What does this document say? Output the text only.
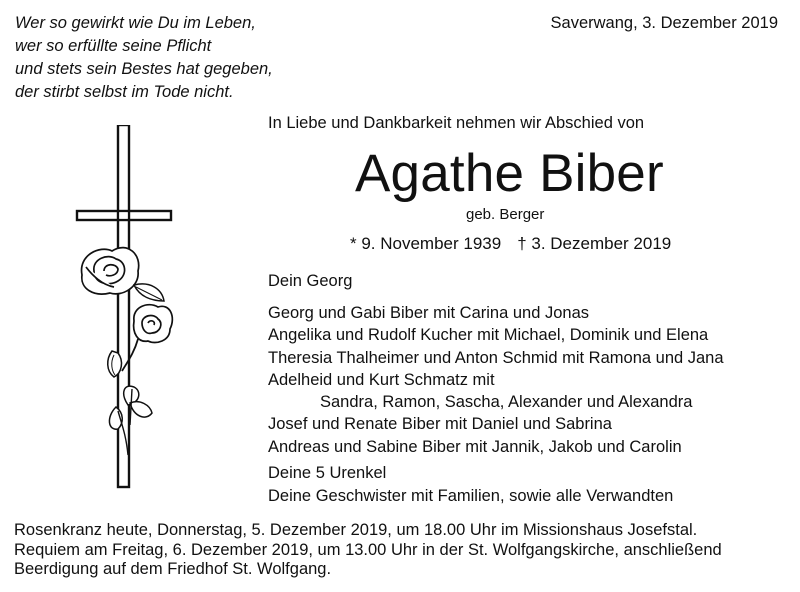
Wer so gewirkt wie Du im Leben,
wer so erfüllte seine Pflicht
und stets sein Bestes hat gegeben,
der stirbt selbst im Tode nicht.
Saverwang, 3. Dezember 2019
In Liebe und Dankbarkeit nehmen wir Abschied von
Agathe Biber
geb. Berger
* 9. November 1939 † 3. Dezember 2019
Dein Georg
Georg und Gabi Biber mit Carina und Jonas
Angelika und Rudolf Kucher mit Michael, Dominik und Elena
Theresia Thalheimer und Anton Schmid mit Ramona und Jana
Adelheid und Kurt Schmatz mit
Sandra, Ramon, Sascha, Alexander und Alexandra
Josef und Renate Biber mit Daniel und Sabrina
Andreas und Sabine Biber mit Jannik, Jakob und Carolin
Deine 5 Urenkel
Deine Geschwister mit Familien, sowie alle Verwandten
Rosenkranz heute, Donnerstag, 5. Dezember 2019, um 18.00 Uhr im Missionshaus Josefstal.
Requiem am Freitag, 6. Dezember 2019, um 13.00 Uhr in der St. Wolfgangskirche, anschließend
Beerdigung auf dem Friedhof St. Wolfgang.
